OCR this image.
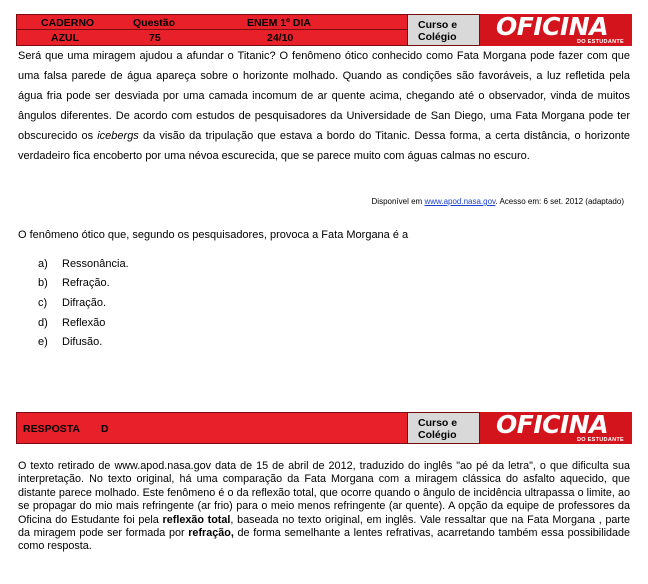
CADERNO	Questão	ENEM 1º DIA
AZUL	75	24/10
Curso e
Colégio OFICINA
DO ESTUDANTE

Será que uma miragem ajudou a afundar o Titanic? O fenômeno ótico conhecido como Fata Morgana pode fazer com que uma falsa parede de água apareça sobre o horizonte molhado. Quando as condições são favoráveis, a luz refletida pela água fria pode ser desviada por uma camada incomum de ar quente acima, chegando até o observador, vinda de muitos ângulos diferentes. De acordo com estudos de pesquisadores da Universidade de San Diego, uma Fata Morgana pode ter obscurecido os icebergs da visão da tripulação que estava a bordo do Titanic. Dessa forma, a certa distância, o horizonte verdadeiro fica encoberto por uma névoa escurecida, que se parece muito com águas calmas no escuro.

Disponível em www.apod.nasa.gov. Acesso em: 6 set. 2012 (adaptado)
O fenômeno ótico que, segundo os pesquisadores, provoca a Fata Morgana é a
a) Ressonância.
b) Refração.
c) Difração.
d) Reflexão
e) Difusão.
RESPOSTA D	Curso e
Colégio OFICINA
DO ESTUDANTE

O texto retirado de www.apod.nasa.gov data de 15 de abril de 2012, traduzido do inglês "ao pé da letra", o que dificulta sua interpretação. No texto original, há uma comparação da Fata Morgana com a miragem clássica do asfalto aquecido, que distante parece molhado. Este fenômeno é o da reflexão total, que ocorre quando o ângulo de incidência ultrapassa o limite, ao se propagar do mio mais refringente (ar frio) para o meio menos refringente (ar quente). A opção da equipe de professores da Oficina do Estudante foi pela reflexão total, baseada no texto original, em inglês. Vale ressaltar que na Fata Morgana , parte da miragem pode ser formada por refração, de forma semelhante a lentes refrativas, acarretando também essa possibilidade como resposta.
